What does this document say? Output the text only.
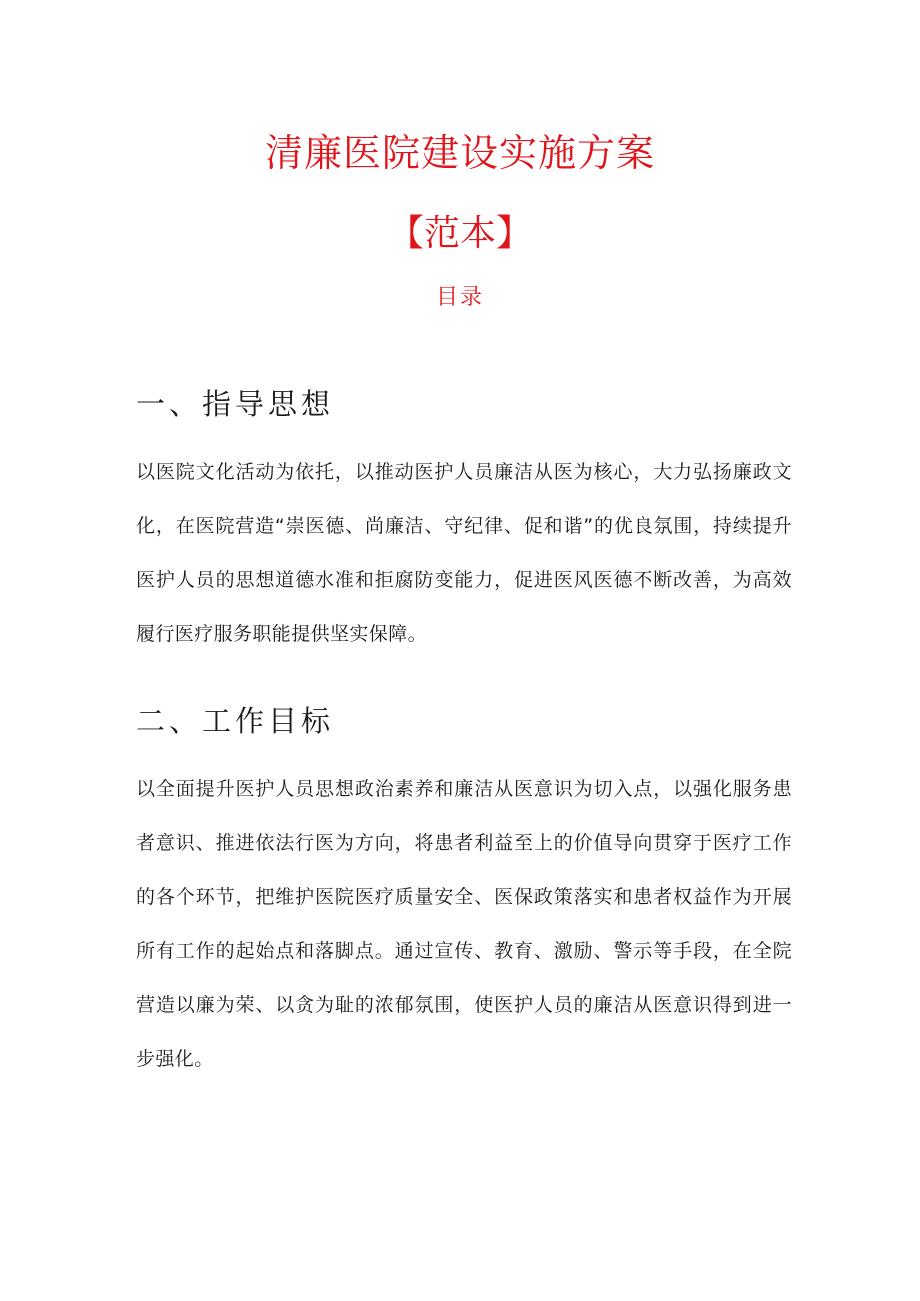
清廉医院建设实施方案
【范本】
目录
一、指导思想
以医院文化活动为依托，以推动医护人员廉洁从医为核心，大力弘扬廉政文化，在医院营造“崇医德、尚廉洁、守纪律、促和谐”的优良氛围，持续提升医护人员的思想道德水准和拒腐防变能力，促进医风医德不断改善，为高效履行医疗服务职能提供坚实保障。
二、工作目标
以全面提升医护人员思想政治素养和廉洁从医意识为切入点，以强化服务患者意识、推进依法行医为方向，将患者利益至上的价值导向贯穿于医疗工作的各个环节，把维护医院医疗质量安全、医保政策落实和患者权益作为开展所有工作的起始点和落脚点。通过宣传、教育、激励、警示等手段，在全院营造以廉为荣、以贪为耻的浓郁氛围，使医护人员的廉洁从医意识得到进一步强化。
